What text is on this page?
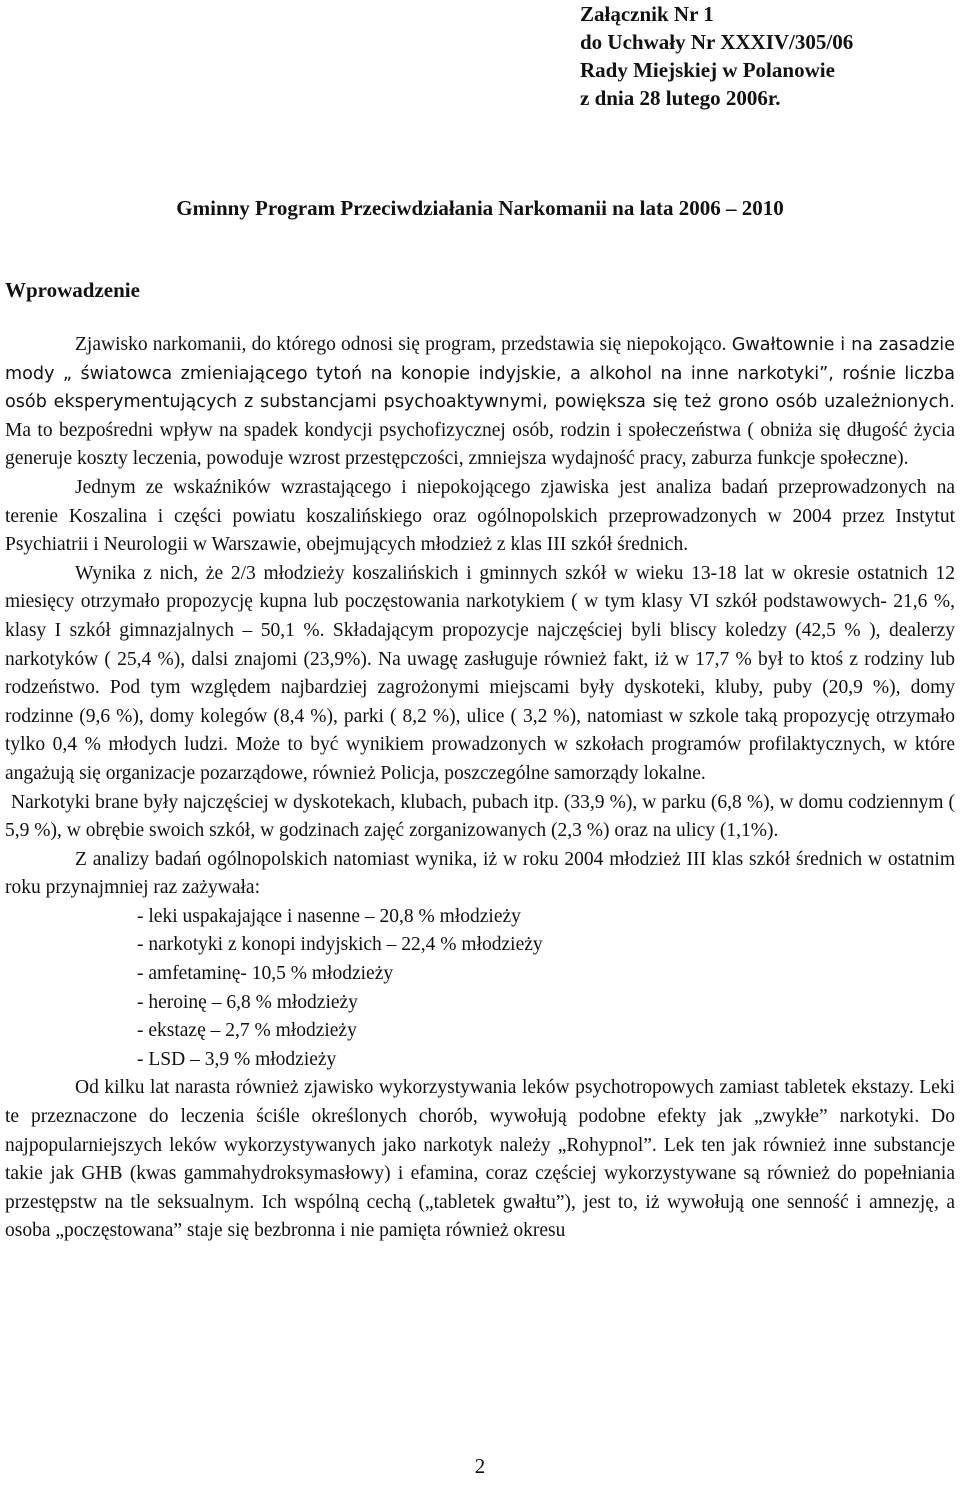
Załącznik Nr 1
do Uchwały Nr XXXIV/305/06
Rady Miejskiej w Polanowie
z dnia 28 lutego 2006r.
Gminny Program Przeciwdziałania Narkomanii na lata 2006 – 2010
Wprowadzenie

Zjawisko narkomanii, do którego odnosi się program, przedstawia się niepokojąco. Gwałtownie i na zasadzie mody „ światowca zmieniającego tytoń na konopie indyjskie, a alkohol na inne narkotyki”, rośnie liczba osób eksperymentujących z substancjami psychoaktywnymi, powiększa się też grono osób uzależnionych. Ma to bezpośredni wpływ na spadek kondycji psychofizycznej osób, rodzin i społeczeństwa ( obniża się długość życia generuje koszty leczenia, powoduje wzrost przestępczości, zmniejsza wydajność pracy, zaburza funkcje społeczne).

Jednym ze wskaźników wzrastającego i niepokojącego zjawiska jest analiza badań przeprowadzonych na terenie Koszalina i części powiatu koszalińskiego oraz ogólnopolskich przeprowadzonych w 2004 przez Instytut Psychiatrii i Neurologii w Warszawie, obejmujących młodzież z klas III szkół średnich.

Wynika z nich, że 2/3 młodzieży koszalińskich i gminnych szkół w wieku 13-18 lat w okresie ostatnich 12 miesięcy otrzymało propozycję kupna lub poczęstowania narkotykiem ( w tym klasy VI szkół podstawowych- 21,6 %, klasy I szkół gimnazjalnych – 50,1 %. Składającym propozycje najczęściej byli bliscy koledzy (42,5 % ), dealerzy narkotyków ( 25,4 %), dalsi znajomi (23,9%). Na uwagę zasługuje również fakt, iż w 17,7 % był to ktoś z rodziny lub rodzeństwo. Pod tym względem najbardziej zagrożonymi miejscami były dyskoteki, kluby, puby (20,9 %), domy rodzinne (9,6 %), domy kolegów (8,4 %), parki ( 8,2 %), ulice ( 3,2 %), natomiast w szkole taką propozycję otrzymało tylko 0,4 % młodych ludzi. Może to być wynikiem prowadzonych w szkołach programów profilaktycznych, w które angażują się organizacje pozarządowe, również Policja, poszczególne samorządy lokalne.

Narkotyki brane były najczęściej w dyskotekach, klubach, pubach itp. (33,9 %), w parku (6,8 %), w domu codziennym ( 5,9 %), w obrębie swoich szkół, w godzinach zajęć zorganizowanych (2,3 %) oraz na ulicy (1,1%).

Z analizy badań ogólnopolskich natomiast wynika, iż w roku 2004 młodzież III klas szkół średnich w ostatnim roku przynajmniej raz zażywała:

- leki uspakajające i nasenne – 20,8 % młodzieży
- narkotyki z konopi indyjskich – 22,4 % młodzieży
- amfetaminę- 10,5 % młodzieży
- heroinę – 6,8 % młodzieży
- ekstazę – 2,7 % młodzieży
- LSD – 3,9 % młodzieży

Od kilku lat narasta również zjawisko wykorzystywania leków psychotropowych zamiast tabletek ekstazy. Leki te przeznaczone do leczenia ściśle określonych chorób, wywołują podobne efekty jak „zwykłe” narkotyki. Do najpopularniejszych leków wykorzystywanych jako narkotyk należy „Rohypnol”. Lek ten jak również inne substancje takie jak GHB (kwas gammahydroksymasłowy) i efamina, coraz częściej wykorzystywane są również do popełniania przestępstw na tle seksualnym. Ich wspólną cechą („tabletek gwałtu”), jest to, iż wywołują one senność i amnezję, a osoba „poczęstowana” staje się bezbronna i nie pamięta również okresu

2
